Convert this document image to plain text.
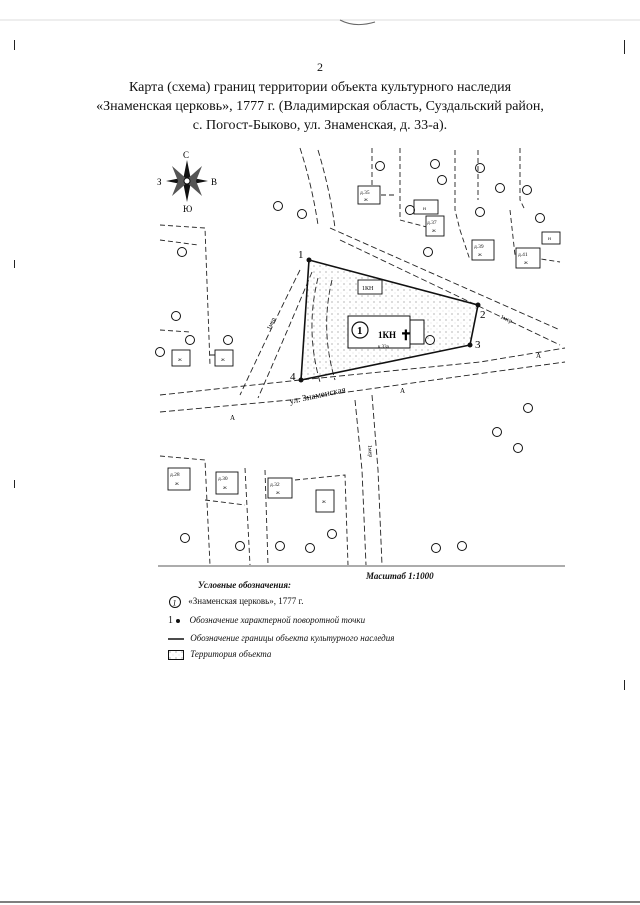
2
Карта (схема) границ территории объекта культурного наследия
«Знаменская церковь», 1777 г. (Владимирская область, Суздальский район,
с. Погост-Быково, ул. Знаменская, д. 33-а).
С
Ю
З	В
1
2
3
4
1 1КН
к.33а
✝
1КН
д.35
ж
н
д.37
ж
д.39
ж	д.41
ж
н
ж	ж
д.28
ж
д.30
ж	д.32
ж
ж
ул. Знаменская
1мер
1мер
1мер
А
А
А
Масштаб 1:1000
Условные обозначения:
1 «Знаменская церковь», 1777 г.
1 Обозначение характерной поворотной точки
Обозначение границы объекта культурного наследия
Территория объекта
